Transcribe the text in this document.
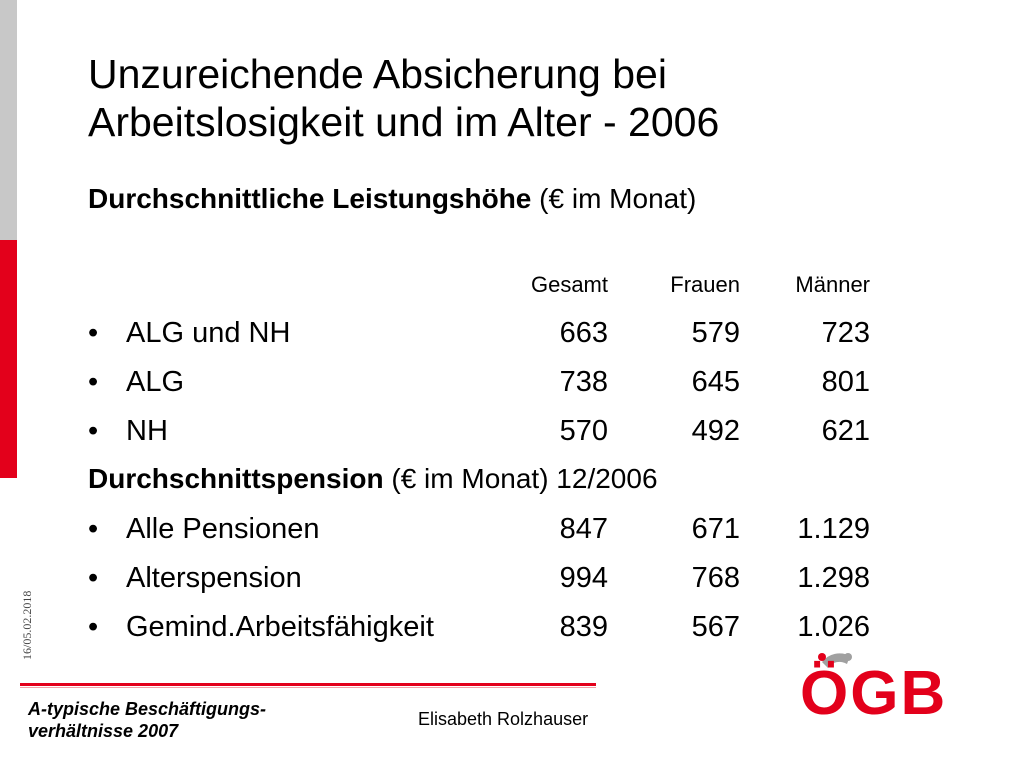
Unzureichende Absicherung bei
Arbeitslosigkeit und im Alter - 2006
Durchschnittliche Leistungshöhe (€ im Monat)
Gesamt	Frauen	Männer
• ALG und NH	663	579	723
• ALG	738	645	801
• NH	570	492	621
Durchschnittspension (€ im Monat) 12/2006
• Alle Pensionen	847	671	1.129
• Alterspension	994	768	1.298
• Gemind.Arbeitsfähigkeit	839	567	1.026
16/05.02.2018
A-typische Beschäftigungs-
verhältnisse 2007
Elisabeth Rolzhauser	ÖGB
